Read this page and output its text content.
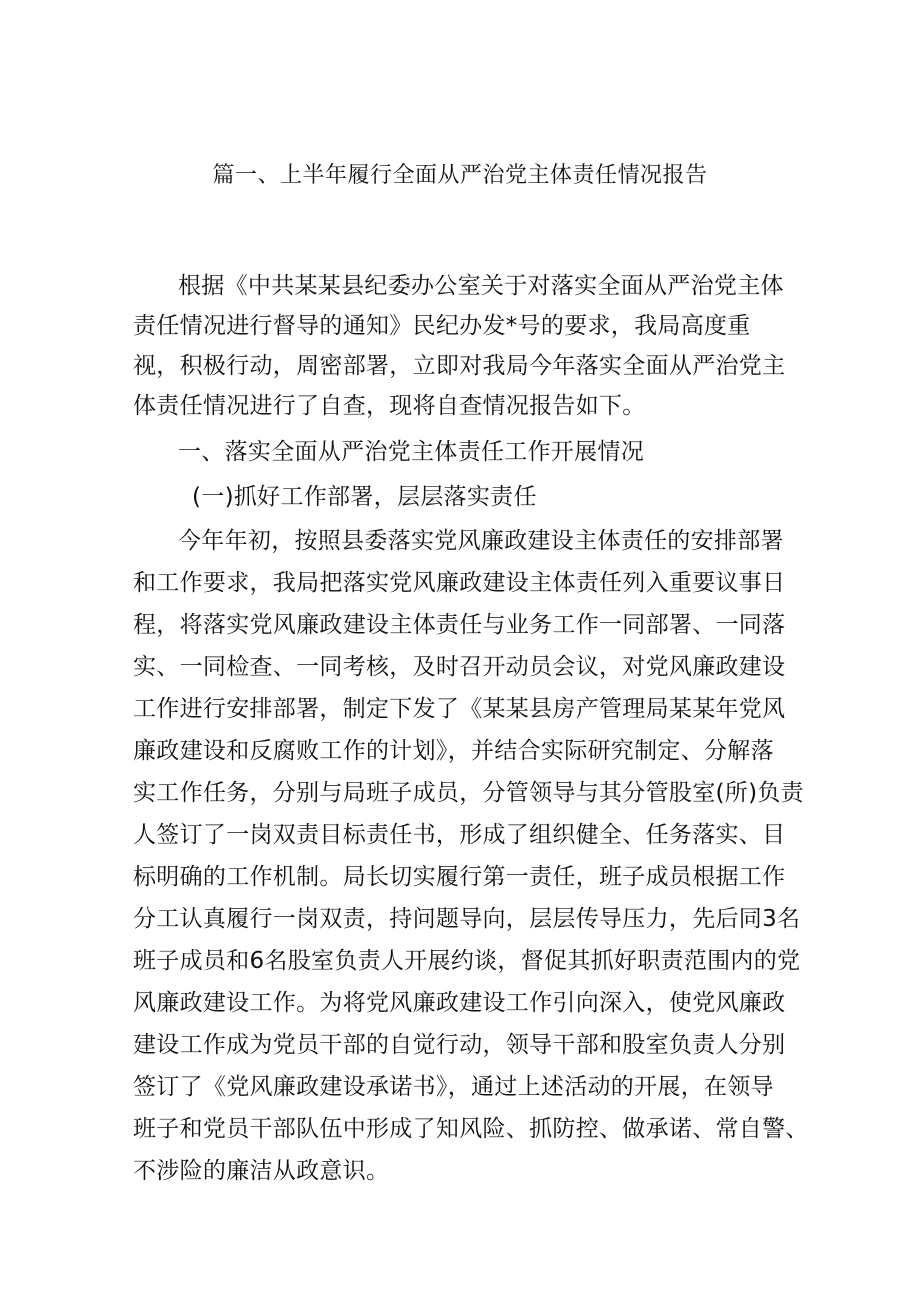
篇一、上半年履行全面从严治党主体责任情况报告
根据《中共某某县纪委办公室关于对落实全面从严治党主体
责任情况进行督导的通知》民纪办发*号的要求，我局高度重
视，积极行动，周密部署，立即对我局今年落实全面从严治党主
体责任情况进行了自查，现将自查情况报告如下。
一、落实全面从严治党主体责任工作开展情况
(一)抓好工作部署，层层落实责任
今年年初，按照县委落实党风廉政建设主体责任的安排部署
和工作要求，我局把落实党风廉政建设主体责任列入重要议事日
程，将落实党风廉政建设主体责任与业务工作一同部署、一同落
实、一同检查、一同考核，及时召开动员会议，对党风廉政建设
工作进行安排部署，制定下发了《某某县房产管理局某某年党风
廉政建设和反腐败工作的计划》，并结合实际研究制定、分解落
实工作任务，分别与局班子成员，分管领导与其分管股室(所)负责
人签订了一岗双责目标责任书，形成了组织健全、任务落实、目
标明确的工作机制。局长切实履行第一责任，班子成员根据工作
分工认真履行一岗双责，持问题导向，层层传导压力，先后同3名
班子成员和6名股室负责人开展约谈，督促其抓好职责范围内的党
风廉政建设工作。为将党风廉政建设工作引向深入，使党风廉政
建设工作成为党员干部的自觉行动，领导干部和股室负责人分别
签订了《党风廉政建设承诺书》，通过上述活动的开展，在领导
班子和党员干部队伍中形成了知风险、抓防控、做承诺、常自警、
不涉险的廉洁从政意识。
